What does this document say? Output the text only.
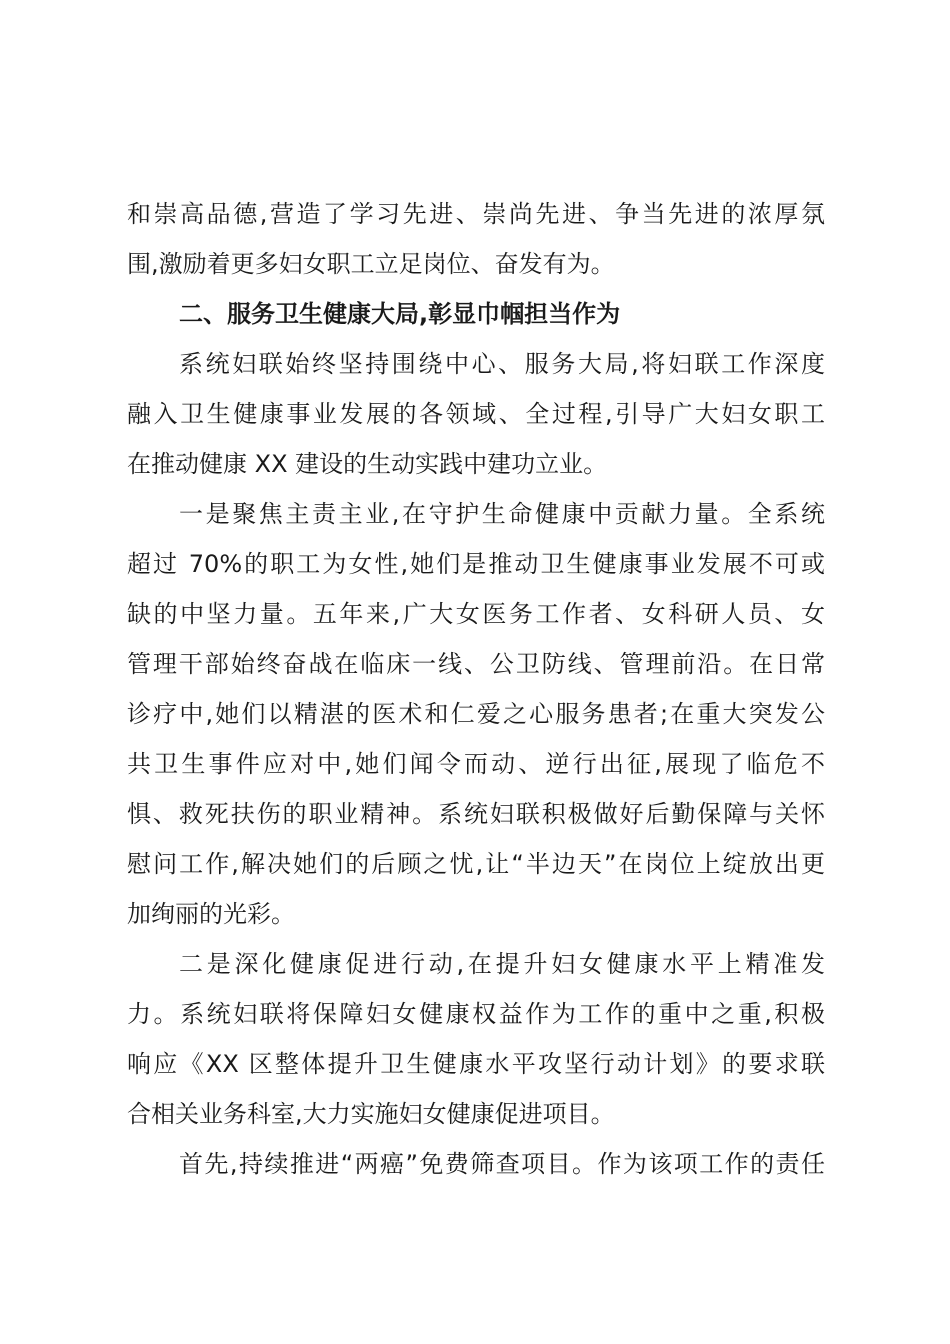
和崇高品德,营造了学习先进、崇尚先进、争当先进的浓厚氛
围,激励着更多妇女职工立足岗位、奋发有为。
二、服务卫生健康大局,彰显巾帼担当作为
系统妇联始终坚持围绕中心、服务大局,将妇联工作深度
融入卫生健康事业发展的各领域、全过程,引导广大妇女职工
在推动健康 XX 建设的生动实践中建功立业。
一是聚焦主责主业,在守护生命健康中贡献力量。全系统
超过 70%的职工为女性,她们是推动卫生健康事业发展不可或
缺的中坚力量。五年来,广大女医务工作者、女科研人员、女
管理干部始终奋战在临床一线、公卫防线、管理前沿。在日常
诊疗中,她们以精湛的医术和仁爱之心服务患者;在重大突发公
共卫生事件应对中,她们闻令而动、逆行出征,展现了临危不
惧、救死扶伤的职业精神。系统妇联积极做好后勤保障与关怀
慰问工作,解决她们的后顾之忧,让“半边天”在岗位上绽放出更
加绚丽的光彩。
二是深化健康促进行动,在提升妇女健康水平上精准发
力。系统妇联将保障妇女健康权益作为工作的重中之重,积极
响应《XX 区整体提升卫生健康水平攻坚行动计划》的要求联
合相关业务科室,大力实施妇女健康促进项目。
首先,持续推进“两癌”免费筛查项目。作为该项工作的责任
